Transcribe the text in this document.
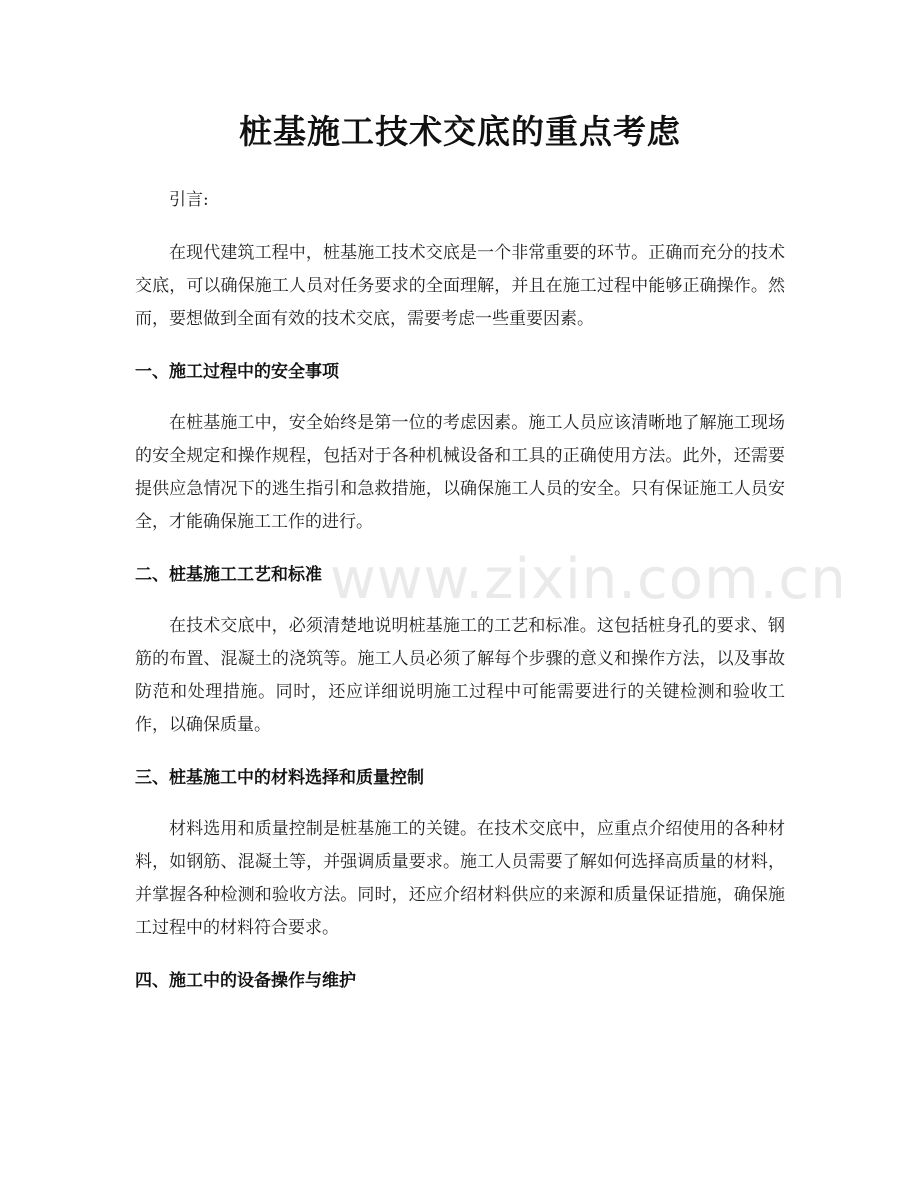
桩基施工技术交底的重点考虑

引言:

在现代建筑工程中，桩基施工技术交底是一个非常重要的环节。正确而充分的技术交底，可以确保施工人员对任务要求的全面理解，并且在施工过程中能够正确操作。然而，要想做到全面有效的技术交底，需要考虑一些重要因素。

一、施工过程中的安全事项

在桩基施工中，安全始终是第一位的考虑因素。施工人员应该清晰地了解施工现场的安全规定和操作规程，包括对于各种机械设备和工具的正确使用方法。此外，还需要提供应急情况下的逃生指引和急救措施，以确保施工人员的安全。只有保证施工人员安全，才能确保施工工作的进行。

二、桩基施工工艺和标准

在技术交底中，必须清楚地说明桩基施工的工艺和标准。这包括桩身孔的要求、钢筋的布置、混凝土的浇筑等。施工人员必须了解每个步骤的意义和操作方法，以及事故防范和处理措施。同时，还应详细说明施工过程中可能需要进行的关键检测和验收工作，以确保质量。

三、桩基施工中的材料选择和质量控制

材料选用和质量控制是桩基施工的关键。在技术交底中，应重点介绍使用的各种材料，如钢筋、混凝土等，并强调质量要求。施工人员需要了解如何选择高质量的材料，并掌握各种检测和验收方法。同时，还应介绍材料供应的来源和质量保证措施，确保施工过程中的材料符合要求。

四、施工中的设备操作与维护

www.zixin.com.cn
